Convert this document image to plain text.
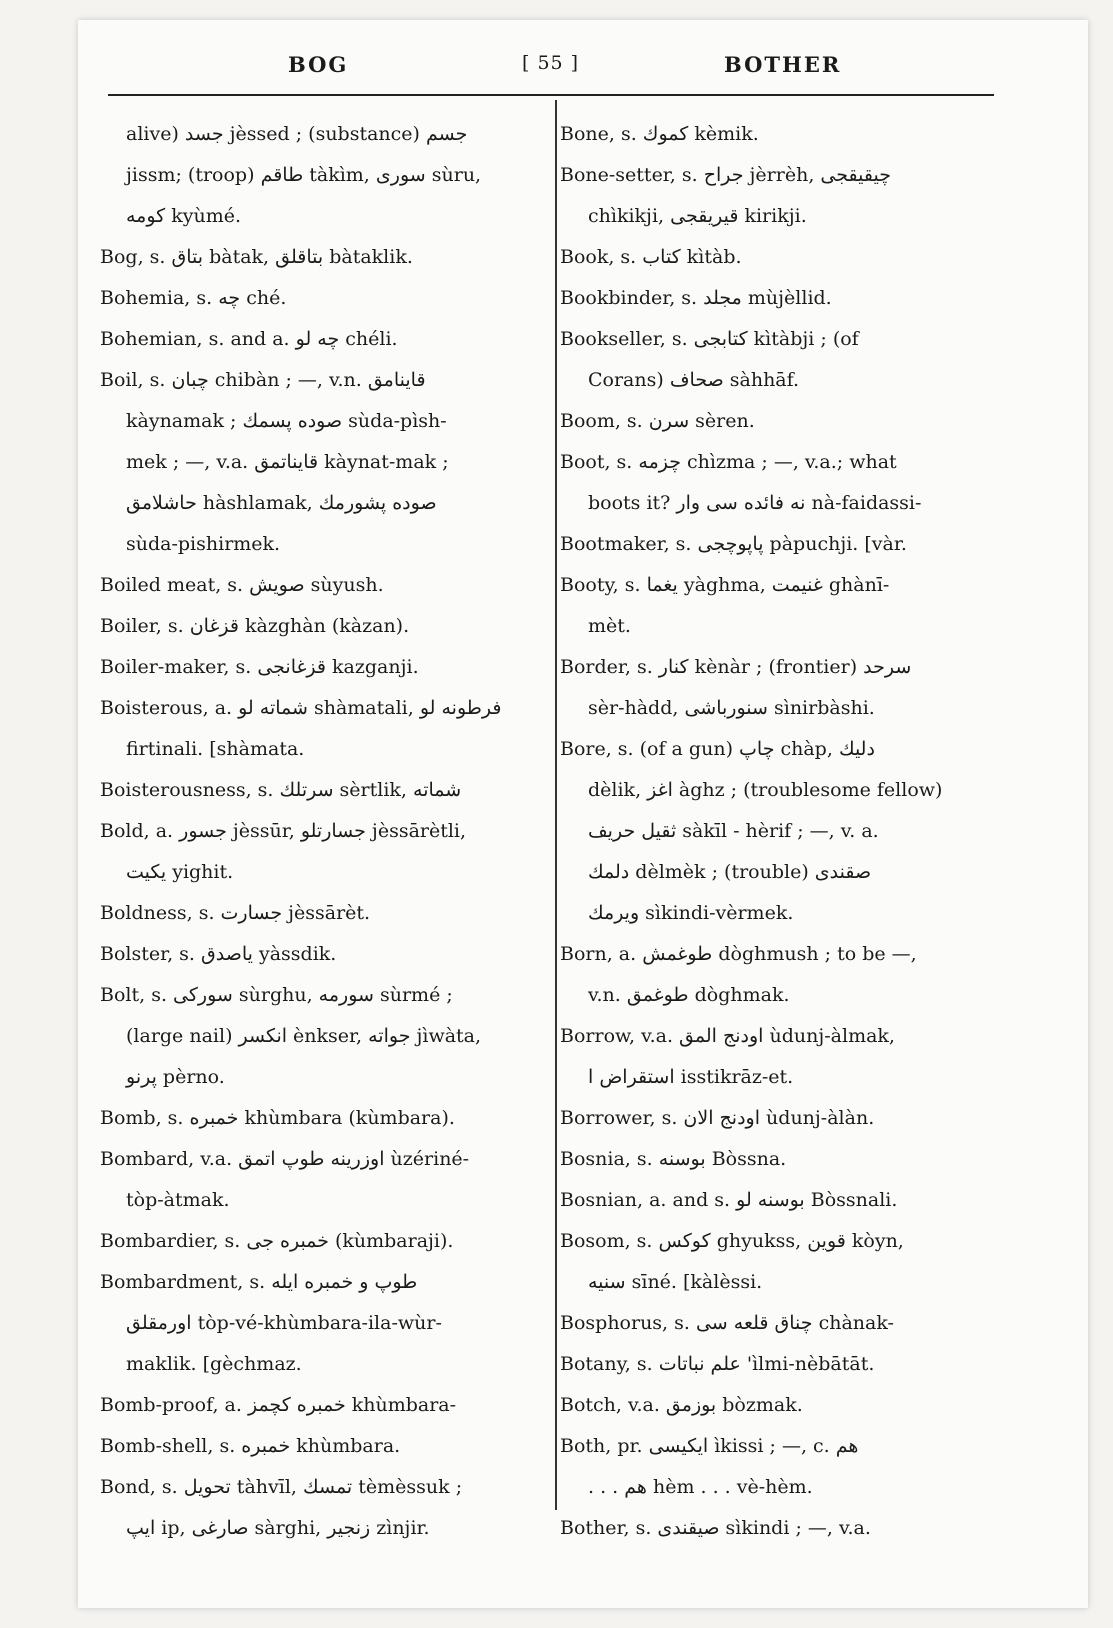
BOG	[ 55 ]	BOTHER
alive) جسد jèssed ; (substance) جسم
jissm; (troop) طاقم tàkìm, سوری sùru,
كومه kyùmé.
Bog, s. بتاق bàtak, بتاقلق bàtaklik.
Bohemia, s. چه ché.
Bohemian, s. and a. چه لو chéli.
Boil, s. چبان chibàn ; —, v.n. قاینامق
kàynamak ; صوده پسمك sùda-pìsh-
mek ; —, v.a. قایناتمق kàynat-mak ;
حاشلامق hàshlamak, صوده پشورمك
sùda-pishirmek.
Boiled meat, s. صویش sùyush.
Boiler, s. قزغان kàzghàn (kàzan).
Boiler-maker, s. قزغانجی kazganji.
Boisterous, a. شماته لو shàmatali, فرطونه لو
firtinali. [shàmata.
Boisterousness, s. سرتلك sèrtlik, شماته
Bold, a. جسور jèssūr, جسارتلو jèssārètli,
یکیت yighit.
Boldness, s. جسارت jèssārèt.
Bolster, s. یاصدق yàssdik.
Bolt, s. سورکی sùrghu, سورمه sùrmé ;
(large nail) انکسر ènkser, جواته jìwàta,
پرنو pèrno.
Bomb, s. خمبره khùmbara (kùmbara).
Bombard, v.a. اوزرینه طوپ اتمق ùzériné-
tòp-àtmak.
Bombardier, s. خمبره جی (kùmbaraji).
Bombardment, s. طوپ و خمبره ایله
اورمقلق tòp-vé-khùmbara-ila-wùr-
maklik. [gèchmaz.
Bomb-proof, a. خمبره کچمز khùmbara-
Bomb-shell, s. خمبره khùmbara.
Bond, s. تحویل tàhvīl, تمسك tèmèssuk ;
ایپ ip, صارغی sàrghi, زنجیر zìnjir.
Bone, s. کموك kèmik.
Bone-setter, s. جراح jèrrèh, چیقیقجی
chìkikji, قیریقجی kirikji.
Book, s. کتاب kìtàb.
Bookbinder, s. مجلد mùjèllid.
Bookseller, s. کتابجی kìtàbji ; (of
Corans) صحاف sàhhāf.
Boom, s. سرن sèren.
Boot, s. چزمه chìzma ; —, v.a.; what
boots it? نه فائده سی وار nà-faidassi-
Bootmaker, s. پاپوچجی pàpuchji. [vàr.
Booty, s. یغما yàghma, غنیمت ghànī-
mèt.
Border, s. کنار kènàr ; (frontier) سرحد
sèr-hàdd, سنورباشی sìnirbàshi.
Bore, s. (of a gun) چاپ chàp, دلیك
dèlik, اغز àghz ; (troublesome fellow)
ثقیل حریف sàkīl - hèrif ; —, v. a.
دلمك dèlmèk ; (trouble) صقندی
ویرمك sìkindi-vèrmek.
Born, a. طوغمش dòghmush ; to be —,
v.n. طوغمق dòghmak.
Borrow, v.a. اودنج المق ùdunj-àlmak,
استقراض ا isstikrāz-et.
Borrower, s. اودنج الان ùdunj-àlàn.
Bosnia, s. بوسنه Bòssna.
Bosnian, a. and s. بوسنه لو Bòssnali.
Bosom, s. کوکس ghyukss, قوین kòyn,
سنیه sīné. [kàlèssi.
Bosphorus, s. چناق قلعه سی chànak-
Botany, s. علم نباتات 'ìlmi-nèbātāt.
Botch, v.a. بوزمق bòzmak.
Both, pr. ایکیسی ìkissi ; —, c. هم
. . . هم hèm . . . vè-hèm.
Bother, s. صیقندی sìkindi ; —, v.a.
